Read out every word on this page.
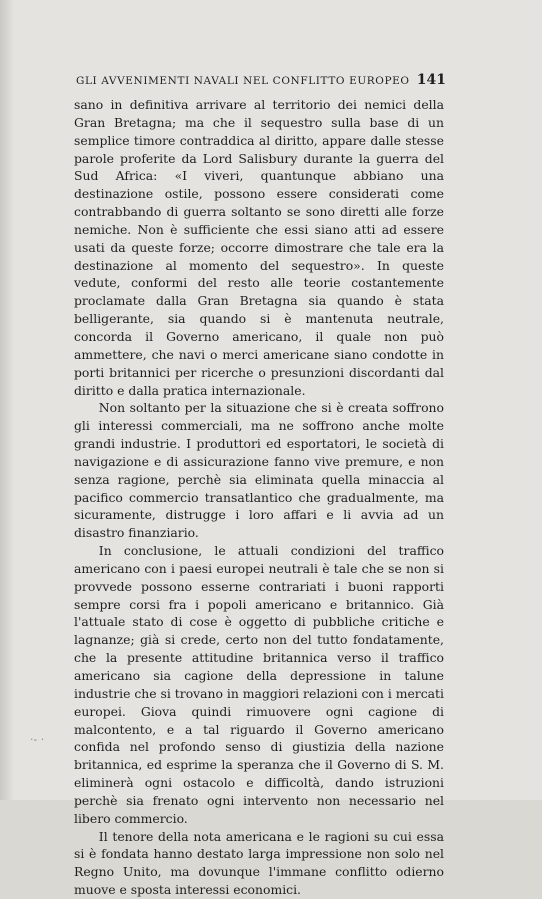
GLI AVVENIMENTI NAVALI NEL CONFLITTO EUROPEO 141

sano in definitiva arrivare al territorio dei nemici della Gran Bretagna; ma che il sequestro sulla base di un semplice timore contraddica al diritto, appare dalle stesse parole proferite da Lord Salisbury durante la guerra del Sud Africa: «I viveri, quantunque abbiano una destinazione ostile, possono essere considerati come contrabbando di guerra soltanto se sono diretti alle forze nemiche. Non è sufficiente che essi siano atti ad essere usati da queste forze; occorre dimostrare che tale era la destinazione al momento del sequestro». In queste vedute, conformi del resto alle teorie costantemente proclamate dalla Gran Bretagna sia quando è stata belligerante, sia quando si è mantenuta neutrale, concorda il Governo americano, il quale non può ammettere, che navi o merci americane siano condotte in porti britannici per ricerche o presunzioni discordanti dal diritto e dalla pratica internazionale.

Non soltanto per la situazione che si è creata soffrono gli interessi commerciali, ma ne soffrono anche molte grandi industrie. I produttori ed esportatori, le società di navigazione e di assicurazione fanno vive premure, e non senza ragione, perchè sia eliminata quella minaccia al pacifico commercio transatlantico che gradualmente, ma sicuramente, distrugge i loro affari e li avvia ad un disastro finanziario.

In conclusione, le attuali condizioni del traffico americano con i paesi europei neutrali è tale che se non si provvede possono esserne contrariati i buoni rapporti sempre corsi fra i popoli americano e britannico. Già l'attuale stato di cose è oggetto di pubbliche critiche e lagnanze; già si crede, certo non del tutto fondatamente, che la presente attitudine britannica verso il traffico americano sia cagione della depressione in talune industrie che si trovano in maggiori relazioni con i mercati europei. Giova quindi rimuovere ogni cagione di malcontento, e a tal riguardo il Governo americano confida nel profondo senso di giustizia della nazione britannica, ed esprime la speranza che il Governo di S. M. eliminerà ogni ostacolo e difficoltà, dando istruzioni perchè sia frenato ogni intervento non necessario nel libero commercio.

Il tenore della nota americana e le ragioni su cui essa si è fondata hanno destato larga impressione non solo nel Regno Unito, ma dovunque l'immane conflitto odierno muove e sposta interessi economici.

·- ·
